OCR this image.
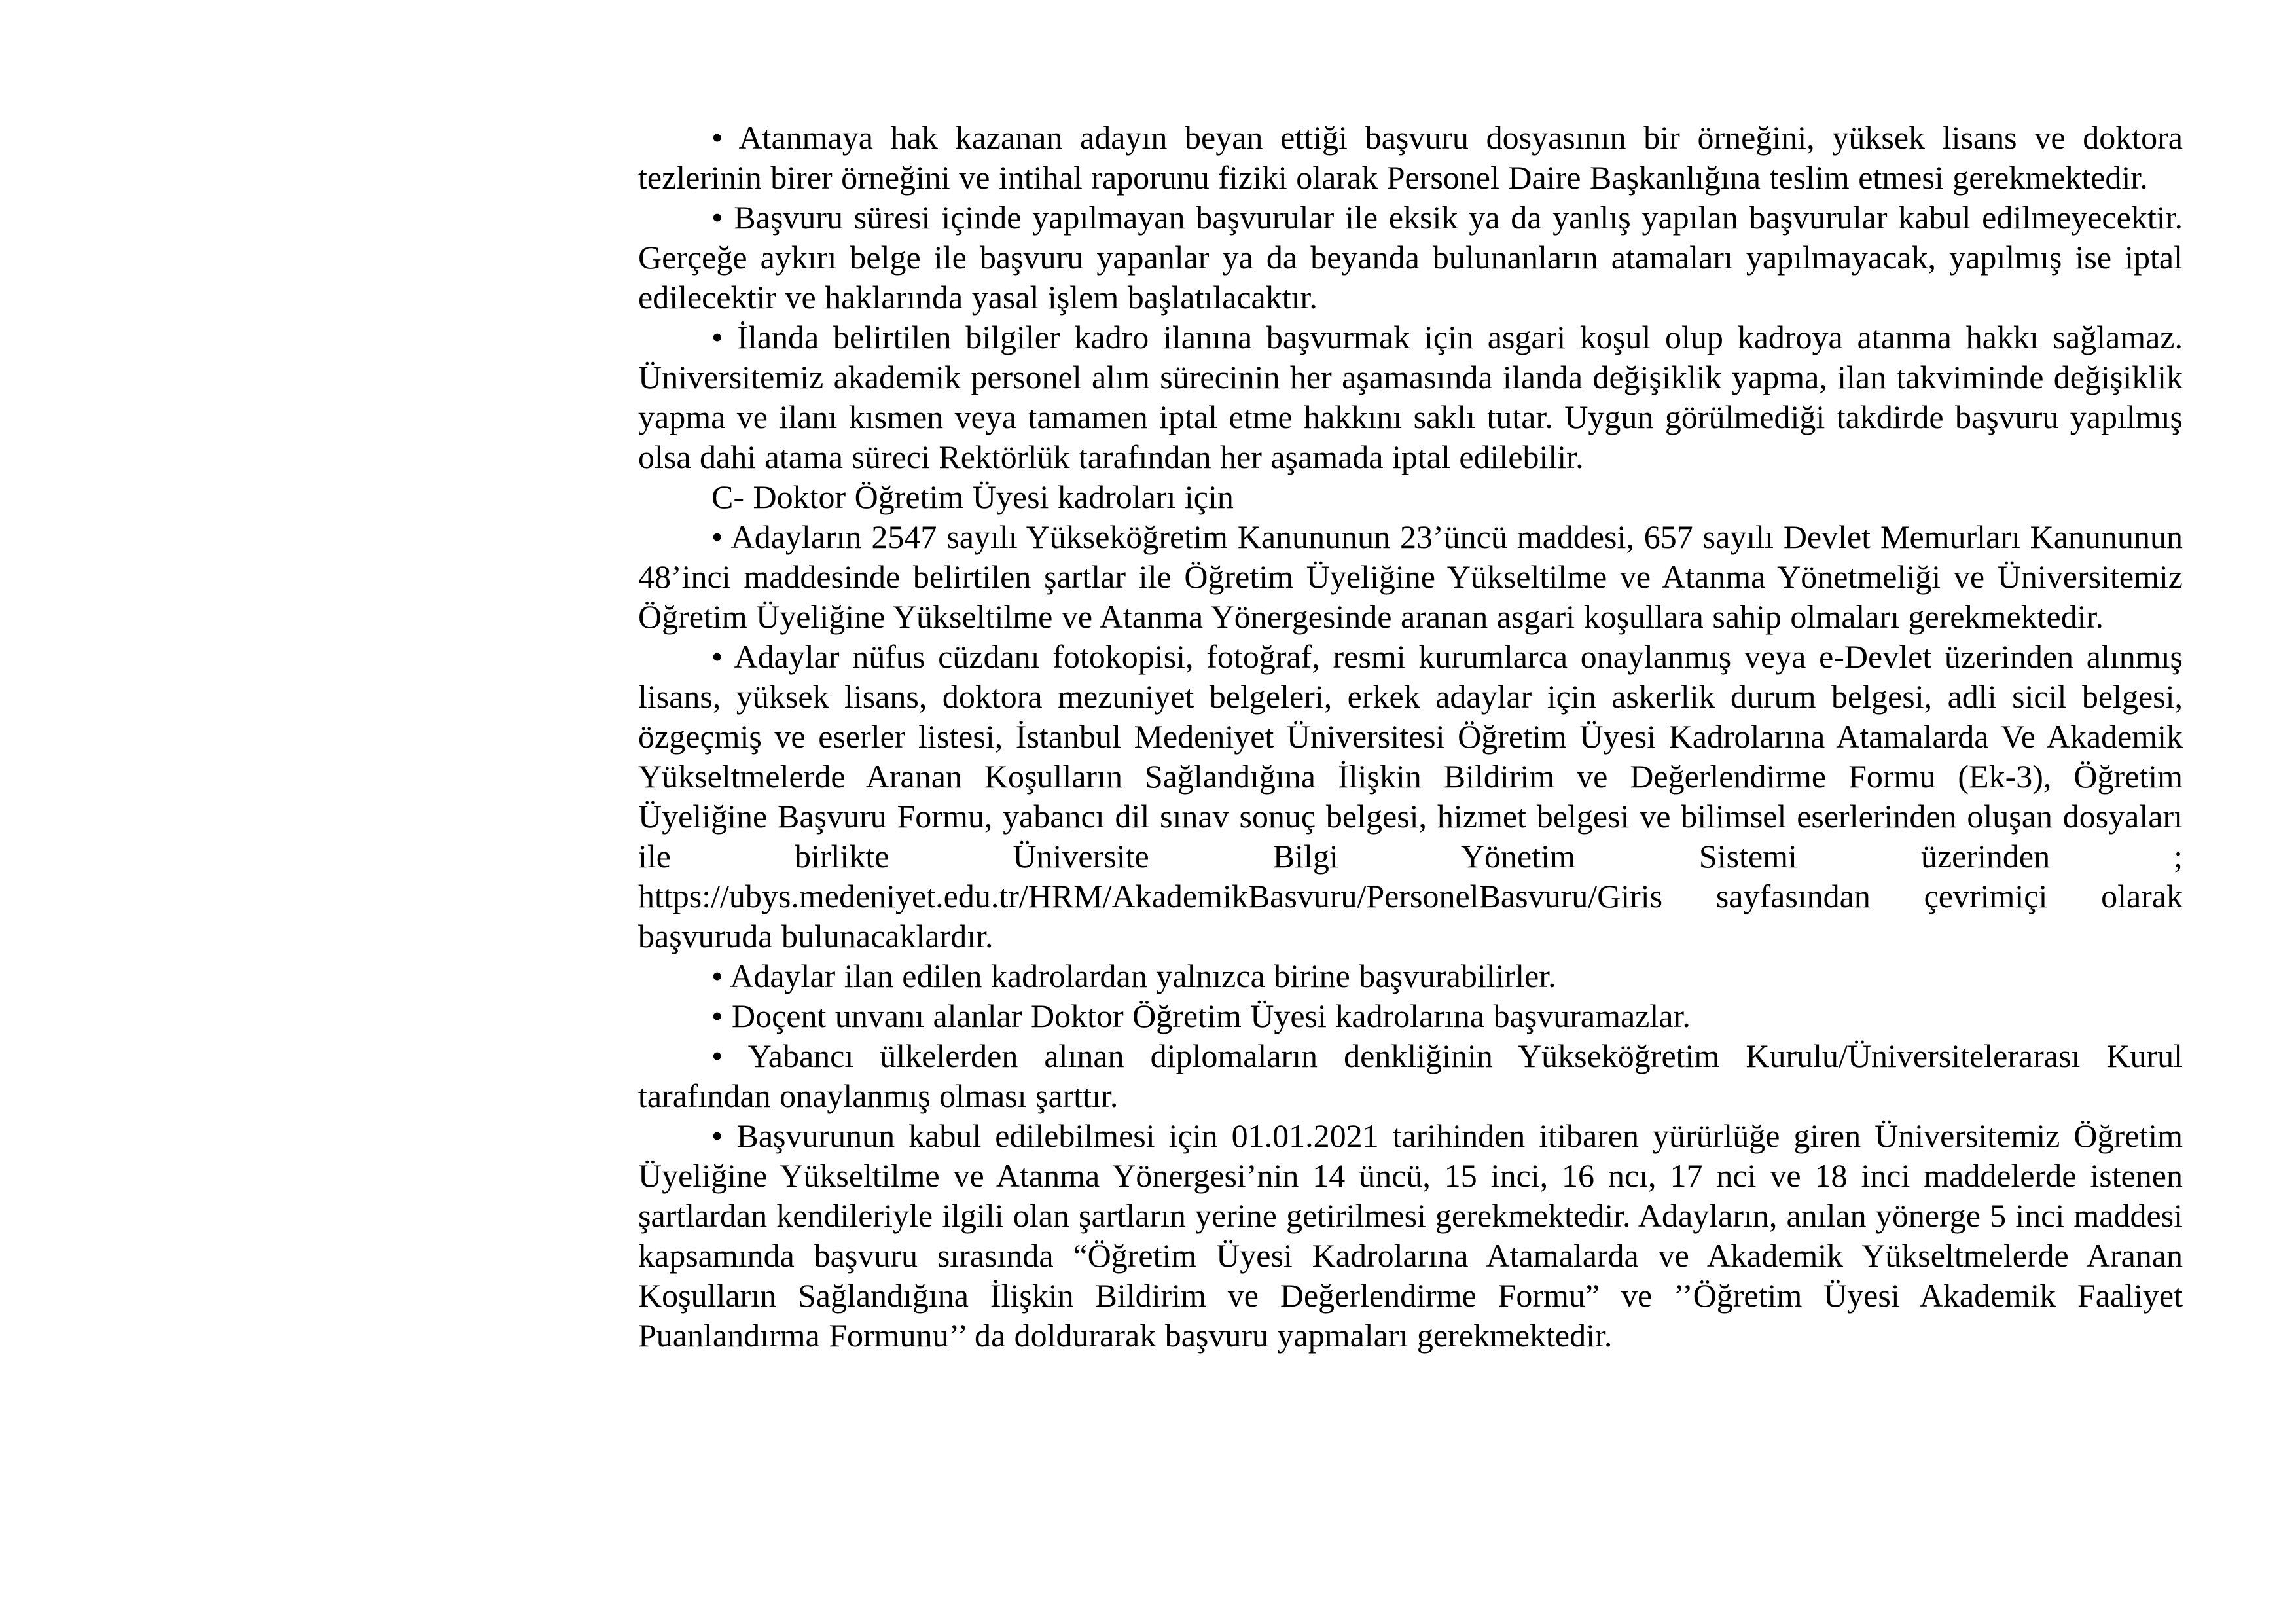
• Atanmaya hak kazanan adayın beyan ettiği başvuru dosyasının bir örneğini, yüksek lisans ve doktora tezlerinin birer örneğini ve intihal raporunu fiziki olarak Personel Daire Başkanlığına teslim etmesi gerekmektedir.

• Başvuru süresi içinde yapılmayan başvurular ile eksik ya da yanlış yapılan başvurular kabul edilmeyecektir. Gerçeğe aykırı belge ile başvuru yapanlar ya da beyanda bulunanların atamaları yapılmayacak, yapılmış ise iptal edilecektir ve haklarında yasal işlem başlatılacaktır.

• İlanda belirtilen bilgiler kadro ilanına başvurmak için asgari koşul olup kadroya atanma hakkı sağlamaz. Üniversitemiz akademik personel alım sürecinin her aşamasında ilanda değişiklik yapma, ilan takviminde değişiklik yapma ve ilanı kısmen veya tamamen iptal etme hakkını saklı tutar. Uygun görülmediği takdirde başvuru yapılmış olsa dahi atama süreci Rektörlük tarafından her aşamada iptal edilebilir.

C- Doktor Öğretim Üyesi kadroları için

• Adayların 2547 sayılı Yükseköğretim Kanununun 23’üncü maddesi, 657 sayılı Devlet Memurları Kanununun 48’inci maddesinde belirtilen şartlar ile Öğretim Üyeliğine Yükseltilme ve Atanma Yönetmeliği ve Üniversitemiz Öğretim Üyeliğine Yükseltilme ve Atanma Yönergesinde aranan asgari koşullara sahip olmaları gerekmektedir.

• Adaylar nüfus cüzdanı fotokopisi, fotoğraf, resmi kurumlarca onaylanmış veya e-Devlet üzerinden alınmış lisans, yüksek lisans, doktora mezuniyet belgeleri, erkek adaylar için askerlik durum belgesi, adli sicil belgesi, özgeçmiş ve eserler listesi, İstanbul Medeniyet Üniversitesi Öğretim Üyesi Kadrolarına Atamalarda Ve Akademik Yükseltmelerde Aranan Koşulların Sağlandığına İlişkin Bildirim ve Değerlendirme Formu (Ek-3), Öğretim Üyeliğine Başvuru Formu, yabancı dil sınav sonuç belgesi, hizmet belgesi ve bilimsel eserlerinden oluşan dosyaları ile birlikte Üniversite Bilgi Yönetim Sistemi üzerinden ; https://ubys.medeniyet.edu.tr/HRM/AkademikBasvuru/PersonelBasvuru/Giris sayfasından çevrimiçi olarak başvuruda bulunacaklardır.

• Adaylar ilan edilen kadrolardan yalnızca birine başvurabilirler.

• Doçent unvanı alanlar Doktor Öğretim Üyesi kadrolarına başvuramazlar.

• Yabancı ülkelerden alınan diplomaların denkliğinin Yükseköğretim Kurulu/Üniversitelerarası Kurul tarafından onaylanmış olması şarttır.

• Başvurunun kabul edilebilmesi için 01.01.2021 tarihinden itibaren yürürlüğe giren Üniversitemiz Öğretim Üyeliğine Yükseltilme ve Atanma Yönergesi’nin 14 üncü, 15 inci, 16 ncı, 17 nci ve 18 inci maddelerde istenen şartlardan kendileriyle ilgili olan şartların yerine getirilmesi gerekmektedir. Adayların, anılan yönerge 5 inci maddesi kapsamında başvuru sırasında “Öğretim Üyesi Kadrolarına Atamalarda ve Akademik Yükseltmelerde Aranan Koşulların Sağlandığına İlişkin Bildirim ve Değerlendirme Formu” ve ’’Öğretim Üyesi Akademik Faaliyet Puanlandırma Formunu’’ da doldurarak başvuru yapmaları gerekmektedir.
